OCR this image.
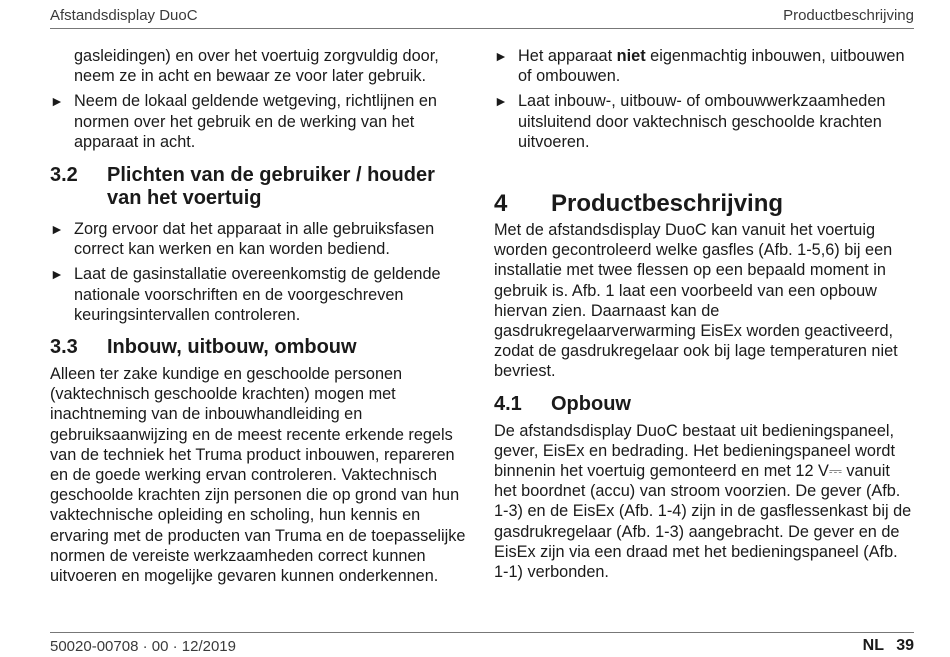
Afstandsdisplay DuoC	Productbeschrijving

gasleidingen) en over het voertuig zorgvuldig door, neem ze in acht en bewaar ze voor later gebruik.

► Neem de lokaal geldende wetgeving, richtlijnen en normen over het gebruik en de werking van het apparaat in acht.
3.2 Plichten van de gebruiker / houder van het voertuig
► Zorg ervoor dat het apparaat in alle gebruiksfasen correct kan werken en kan worden bediend.
► Laat de gasinstallatie overeenkomstig de geldende nationale voorschriften en de voorgeschreven keuringsintervallen controleren.
3.3 Inbouw, uitbouw, ombouw

Alleen ter zake kundige en geschoolde personen (vaktechnisch geschoolde krachten) mogen met inachtneming van de inbouwhandleiding en gebruiksaanwijzing en de meest recente erkende regels van de techniek het Truma product inbouwen, repareren en de goede werking ervan controleren. Vaktechnisch geschoolde krachten zijn personen die op grond van hun vaktechnische opleiding en scholing, hun kennis en ervaring met de producten van Truma en de toepasselijke normen de vereiste werkzaamheden correct kunnen uitvoeren en mogelijke gevaren kunnen onderkennen.

► Het apparaat niet eigenmachtig inbouwen, uitbouwen of ombouwen.
► Laat inbouw-, uitbouw- of ombouwwerkzaamheden uitsluitend door vaktechnisch geschoolde krachten uitvoeren.
4 Productbeschrijving

Met de afstandsdisplay DuoC kan vanuit het voertuig worden gecontroleerd welke gasfles (Afb. 1-5,6) bij een installatie met twee flessen op een bepaald moment in gebruik is. Afb. 1 laat een voorbeeld van een opbouw hiervan zien. Daarnaast kan de gasdrukregelaarverwarming EisEx worden geactiveerd, zodat de gasdrukregelaar ook bij lage temperaturen niet bevriest.

4.1 Opbouw

De afstandsdisplay DuoC bestaat uit bedieningspaneel, gever, EisEx en bedrading. Het bedieningspaneel wordt binnenin het voertuig gemonteerd en met 12 V⎓ vanuit het boordnet (accu) van stroom voorzien. De gever (Afb. 1-3) en de EisEx (Afb. 1-4) zijn in de gasflessenkast bij de gasdrukregelaar (Afb. 1-3) aangebracht. De gever en de EisEx zijn via een draad met het bedieningspaneel (Afb. 1-1) verbonden.

50020-00708 · 00 · 12/2019	NL 39
